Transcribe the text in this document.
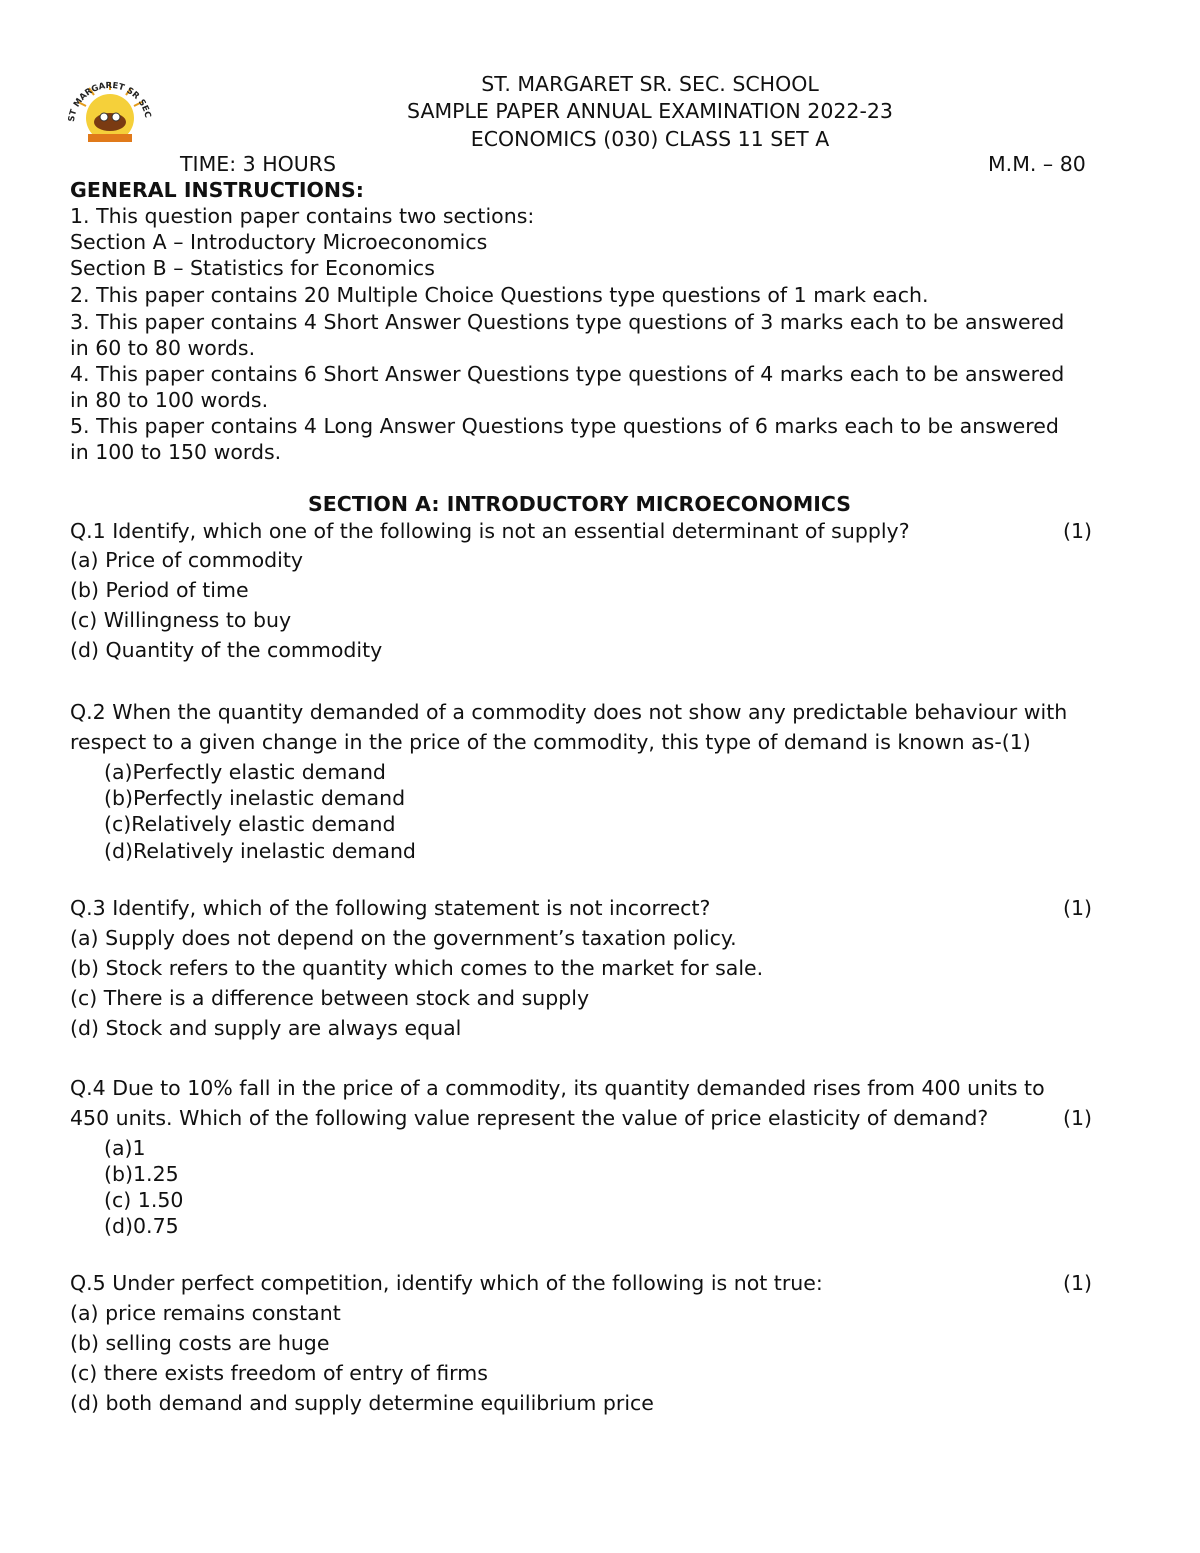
ST MARGARET SR SEC
ST. MARGARET SR. SEC. SCHOOL
SAMPLE PAPER ANNUAL EXAMINATION 2022-23
ECONOMICS (030) CLASS 11 SET A
TIME: 3 HOURS	M.M. – 80
GENERAL INSTRUCTIONS:
1. This question paper contains two sections:
Section A – Introductory Microeconomics
Section B – Statistics for Economics
2. This paper contains 20 Multiple Choice Questions type questions of 1 mark each.
3. This paper contains 4 Short Answer Questions type questions of 3 marks each to be answered
in 60 to 80 words.
4. This paper contains 6 Short Answer Questions type questions of 4 marks each to be answered
in 80 to 100 words.
5. This paper contains 4 Long Answer Questions type questions of 6 marks each to be answered
in 100 to 150 words.
SECTION A: INTRODUCTORY MICROECONOMICS
Q.1 Identify, which one of the following is not an essential determinant of supply?	(1)
(a) Price of commodity
(b) Period of time
(c) Willingness to buy
(d) Quantity of the commodity
Q.2 When the quantity demanded of a commodity does not show any predictable behaviour with
respect to a given change in the price of the commodity, this type of demand is known as-(1)
(a)Perfectly elastic demand
(b)Perfectly inelastic demand
(c)Relatively elastic demand
(d)Relatively inelastic demand
Q.3 Identify, which of the following statement is not incorrect?	(1)
(a) Supply does not depend on the government’s taxation policy.
(b) Stock refers to the quantity which comes to the market for sale.
(c) There is a difference between stock and supply
(d) Stock and supply are always equal
Q.4 Due to 10% fall in the price of a commodity, its quantity demanded rises from 400 units to
450 units. Which of the following value represent the value of price elasticity of demand?	(1)
(a)1
(b)1.25
(c) 1.50
(d)0.75
Q.5 Under perfect competition, identify which of the following is not true:	(1)
(a) price remains constant
(b) selling costs are huge
(c) there exists freedom of entry of firms
(d) both demand and supply determine equilibrium price
